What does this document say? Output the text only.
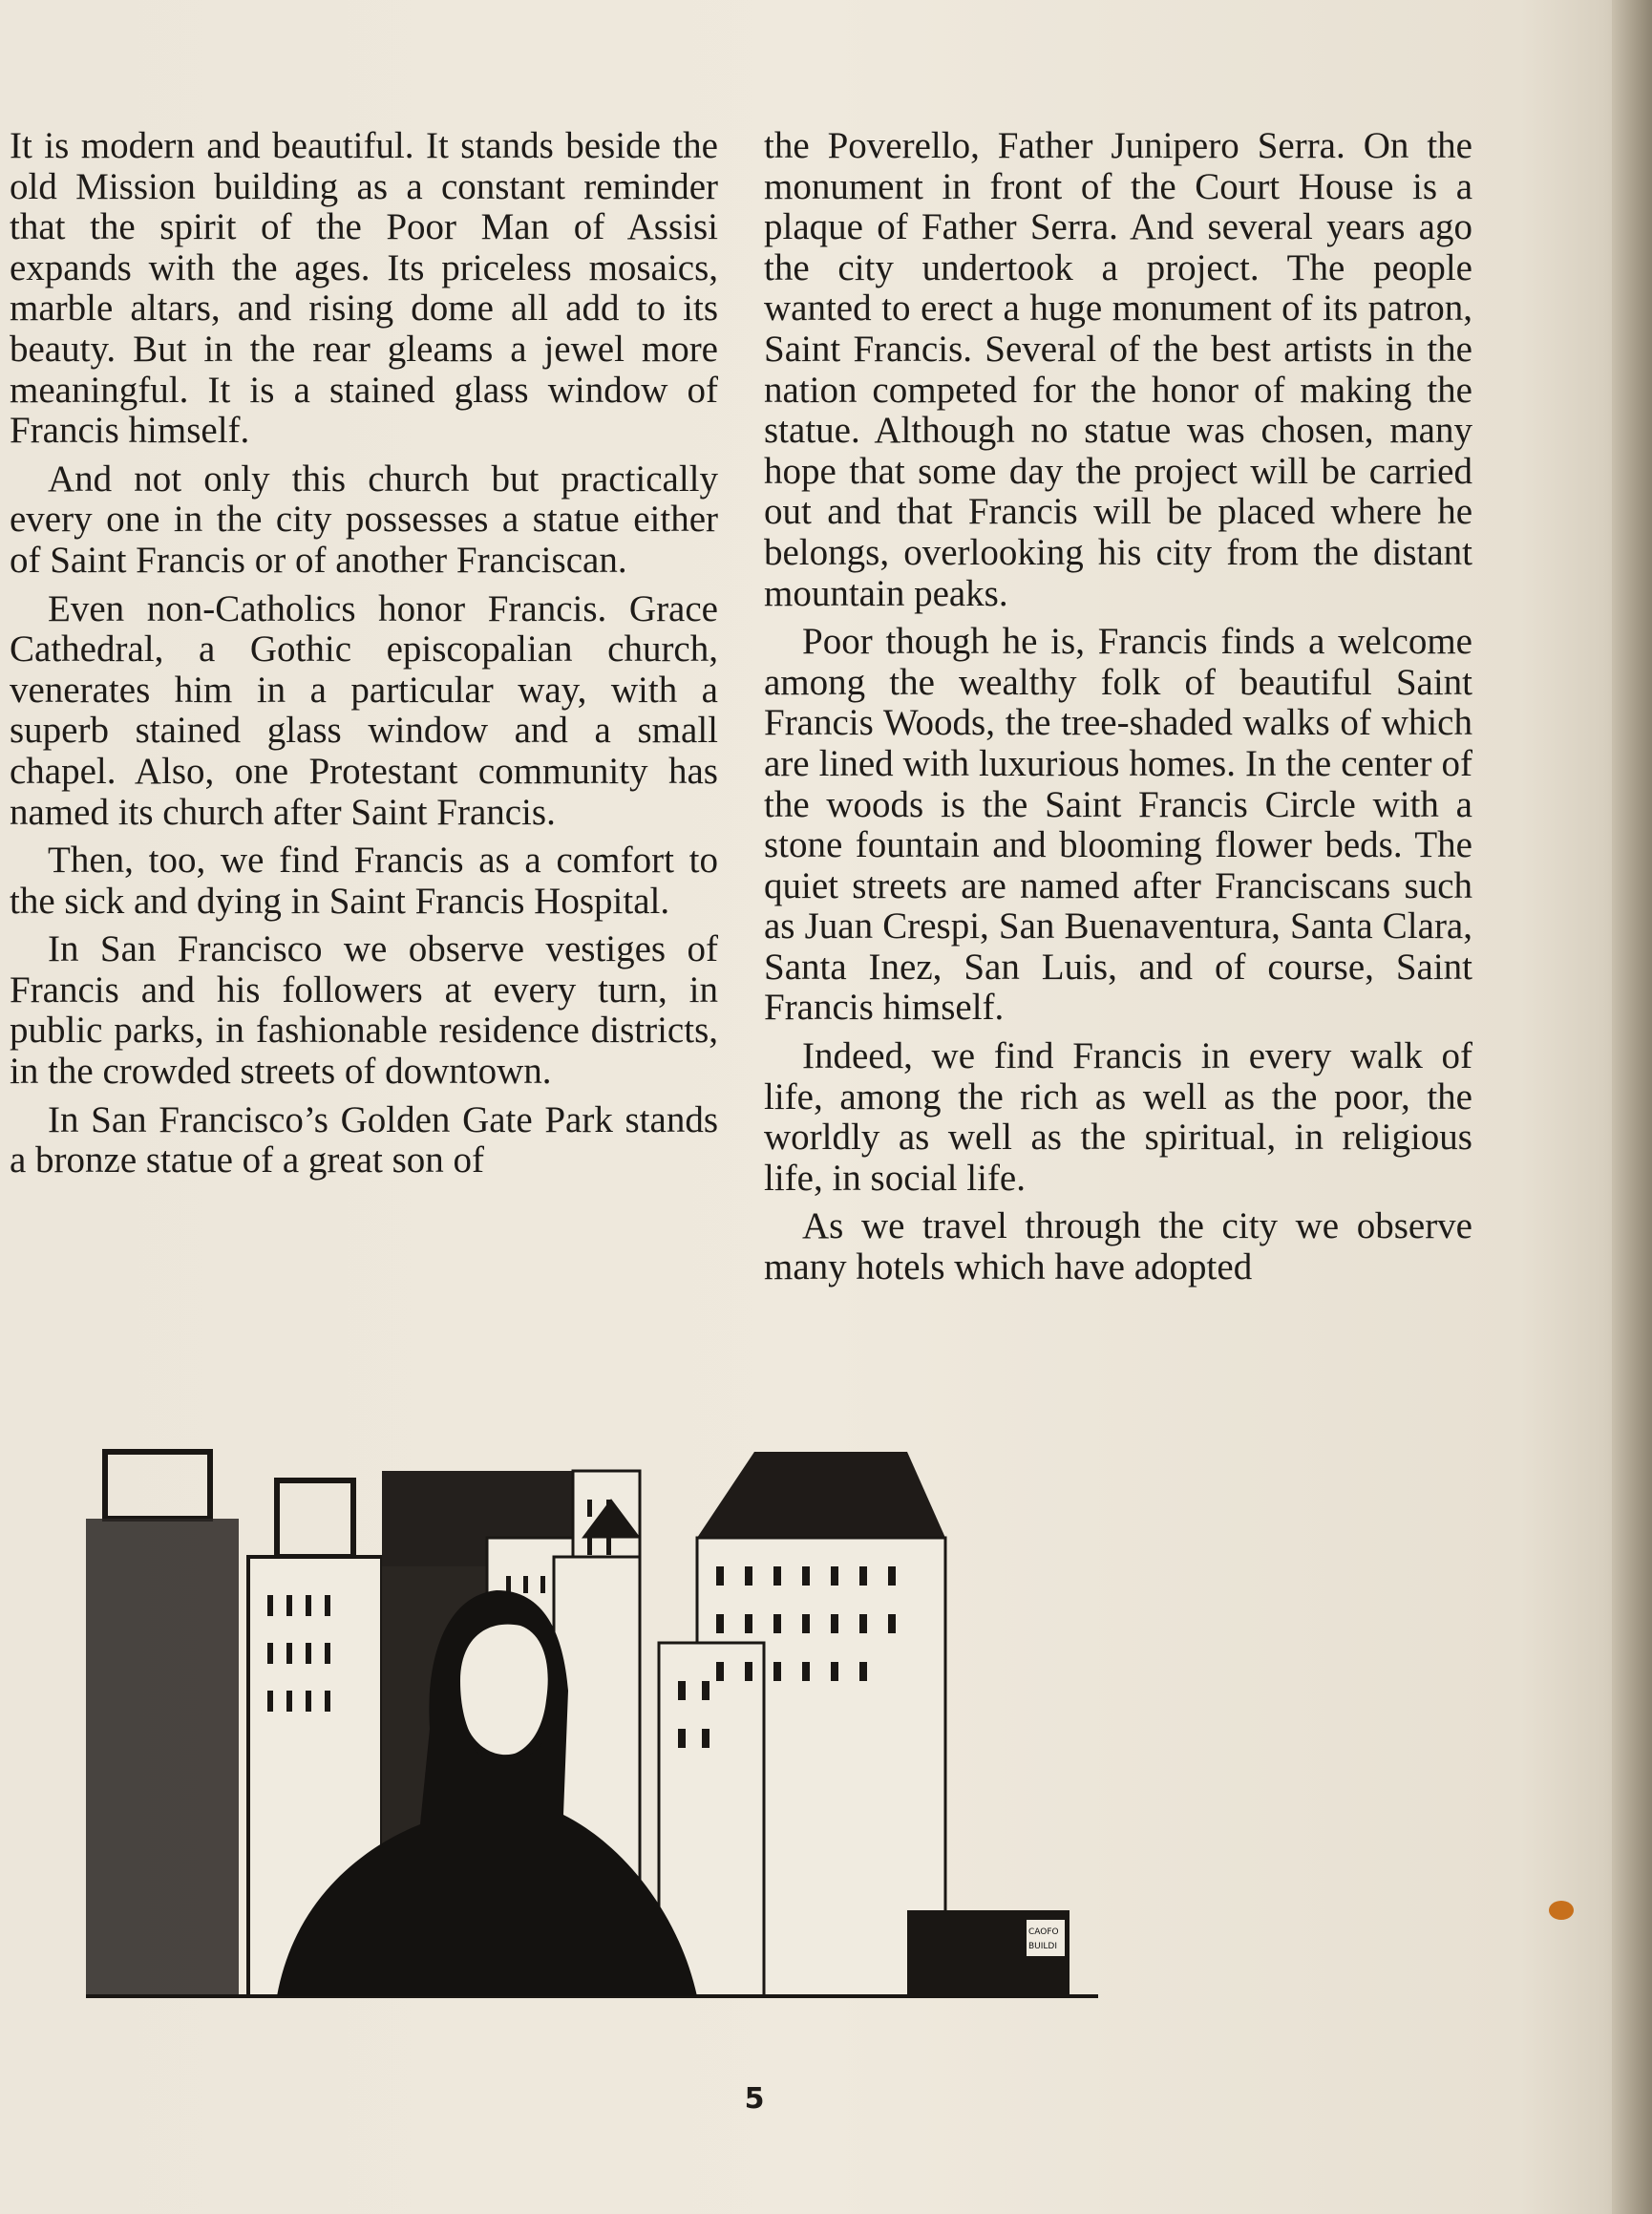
It is modern and beautiful. It stands beside the old Mission building as a constant reminder that the spirit of the Poor Man of Assisi expands with the ages. Its priceless mosaics, marble altars, and rising dome all add to its beauty. But in the rear gleams a jewel more meaningful. It is a stained glass window of Francis himself.

And not only this church but practically every one in the city possesses a statue either of Saint Francis or of another Franciscan.

Even non-Catholics honor Francis. Grace Cathedral, a Gothic episcopalian church, venerates him in a particular way, with a superb stained glass window and a small chapel. Also, one Protestant community has named its church after Saint Francis.

Then, too, we find Francis as a comfort to the sick and dying in Saint Francis Hospital.

In San Francisco we observe vestiges of Francis and his followers at every turn, in public parks, in fashionable residence districts, in the crowded streets of downtown.

In San Francisco’s Golden Gate Park stands a bronze statue of a great son of

the Poverello, Father Junipero Serra. On the monument in front of the Court House is a plaque of Father Serra. And several years ago the city undertook a project. The people wanted to erect a huge monument of its patron, Saint Francis. Several of the best artists in the nation competed for the honor of making the statue. Although no statue was chosen, many hope that some day the project will be carried out and that Francis will be placed where he belongs, overlooking his city from the distant mountain peaks.

Poor though he is, Francis finds a welcome among the wealthy folk of beautiful Saint Francis Woods, the tree-shaded walks of which are lined with luxurious homes. In the center of the woods is the Saint Francis Circle with a stone fountain and blooming flower beds. The quiet streets are named after Franciscans such as Juan Crespi, San Buenaventura, Santa Clara, Santa Inez, San Luis, and of course, Saint Francis himself.

Indeed, we find Francis in every walk of life, among the rich as well as the poor, the worldly as well as the spiritual, in religious life, in social life.

As we travel through the city we observe many hotels which have adopted

CAOFO
BUILDI
5
